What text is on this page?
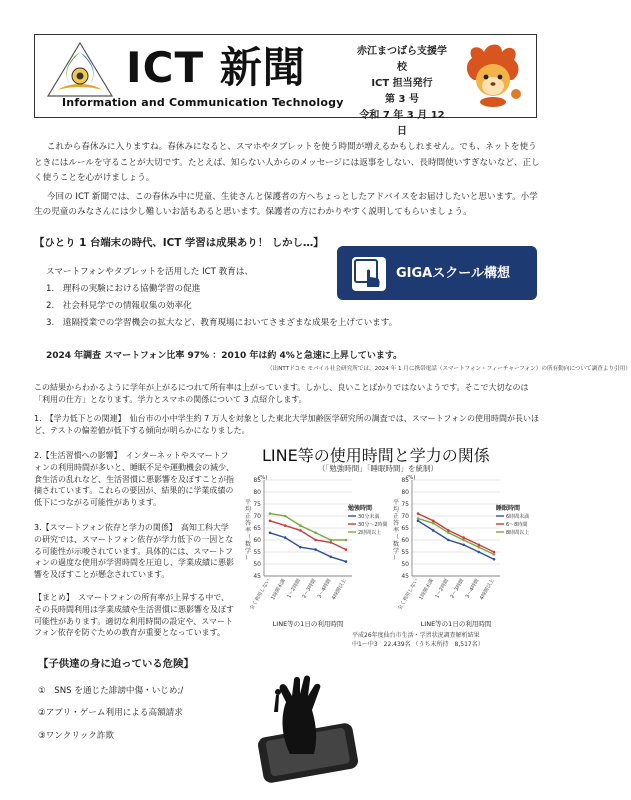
ICT 新聞
Information and Communication Technology
赤江まつばら支援学校
ICT 担当発行
第 3 号
令和 7 年 3 月 12 日

これから春休みに入りますね。春休みになると、スマホやタブレットを使う時間が増えるかもしれません。でも、ネットを使うときにはルールを守ることが大切です。たとえば、知らない人からのメッセージには返事をしない、長時間使いすぎないなど、正しく使うことを心がけましょう。

今回の ICT 新聞では、この春休み中に児童、生徒さんと保護者の方へちょっとしたアドバイスをお届けしたいと思います。小学生の児童のみなさんには少し難しいお話もあると思います。保護者の方にわかりやすく説明してもらいましょう。

【ひとり 1 台端末の時代、ICT 学習は成果あり！ しかし…】
GIGAスクール構想
スマートフォンやタブレットを活用した ICT 教育は、
1.　理科の実験における協働学習の促進
2.　社会科見学での情報収集の効率化
3.　遠隔授業での学習機会の拡大など、教育現場においてさまざまな成果を上げています。
2024 年調査 スマートフォン比率 97% ：2010 年は約 4%と急速に上昇しています。
（出NTTドコモ モバイル社会研究所では、2024 年 1 月に携帯電話（スマートフォン・フィーチャーフォン）の所有動向について調査より引用）
この結果からわかるように学年が上がるにつれて所有率は上がっています。しかし、良いことばかりではないようです。そこで大切なのは「利用の仕方」となります。学力とスマホの関係について 3 点紹介します。
1.　【学力低下との関連】　仙台市の小中学生約 7 万人を対象とした東北大学加齢医学研究所の調査では、スマートフォンの使用時間が長いほど、テストの偏差値が低下する傾向が明らかになりました。
2.【生活習慣への影響】　インターネットやスマートフォンの利用時間が多いと、睡眠不足や運動機会の減少、食生活の乱れなど、生活習慣に悪影響を及ぼすことが指摘されています。これらの要因が、結果的に学業成績の低下につながる可能性があります。
3.【スマートフォン依存と学力の関係】　高知工科大学の研究では、スマートフォン依存が学力低下の一因となる可能性が示唆されています。具体的には、スマートフォンの過度な使用が学習時間を圧迫し、学業成績に悪影響を及ぼすことが懸念されています。
【まとめ】　スマートフォンの所有率が上昇する中で、その長時間利用は学業成績や生活習慣に悪影響を及ぼす可能性があります。適切な利用時間の設定や、スマートフォン依存を防ぐための教育が重要となっています。
LINE等の使用時間と学力の関係
（「勉強時間」「睡眠時間」を統制）
(%)
45
50
55
60
65
70
75
80
85
平
均
正
答
率
（
数
学
）
全く利用しない
1時間未満 1〜2時間 2〜3時間 3〜4時間
4時間以上
勉強時間
30分未満
30分〜2時間
2時間以上
LINE等の1日の利用時間
(%)
45
50
55
60
65
70
75
80
85
平
均
正
答
率
（
数
学
）
全く利用しない
1時間未満 1〜2時間 2〜3時間 3〜4時間
4時間以上
睡眠時間
6時間未満
6〜8時間
8時間以上
LINE等の1日の利用時間
平成26年度仙台市生活・学習状況調査解析結果
中1〜中3　22,439名 （うち未所持　8,517名）
【子供達の身に迫っている危険】
①　SNS を通じた誹謗中傷・いじめ;/
②アプリ・ゲーム利用による高額請求
③ワンクリック詐欺
